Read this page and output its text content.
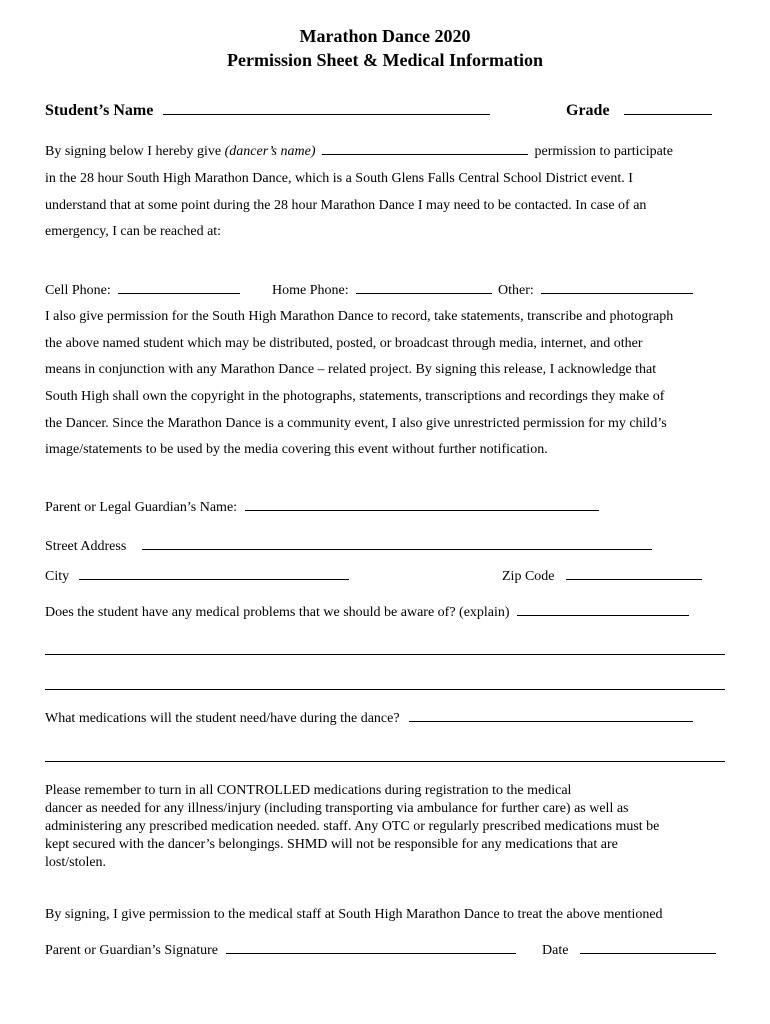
Marathon Dance 2020
Permission Sheet & Medical Information
Student’s Name	Grade
By signing below I hereby give (dancer’s name)	permission to participate
in the 28 hour South High Marathon Dance, which is a South Glens Falls Central School District event. I
understand that at some point during the 28 hour Marathon Dance I may need to be contacted. In case of an
emergency, I can be reached at:
Cell Phone:	Home Phone:	Other:
I also give permission for the South High Marathon Dance to record, take statements, transcribe and photograph
the above named student which may be distributed, posted, or broadcast through media, internet, and other
means in conjunction with any Marathon Dance – related project. By signing this release, I acknowledge that
South High shall own the copyright in the photographs, statements, transcriptions and recordings they make of
the Dancer. Since the Marathon Dance is a community event, I also give unrestricted permission for my child’s
image/statements to be used by the media covering this event without further notification.
Parent or Legal Guardian’s Name:
Street Address
City	Zip Code
Does the student have any medical problems that we should be aware of? (explain)
What medications will the student need/have during the dance?
Please remember to turn in all CONTROLLED medications during registration to the medical
dancer as needed for any illness/injury (including transporting via ambulance for further care) as well as
administering any prescribed medication needed. staff. Any OTC or regularly prescribed medications must be
kept secured with the dancer’s belongings. SHMD will not be responsible for any medications that are
lost/stolen.
By signing, I give permission to the medical staff at South High Marathon Dance to treat the above mentioned
Parent or Guardian’s Signature	Date
